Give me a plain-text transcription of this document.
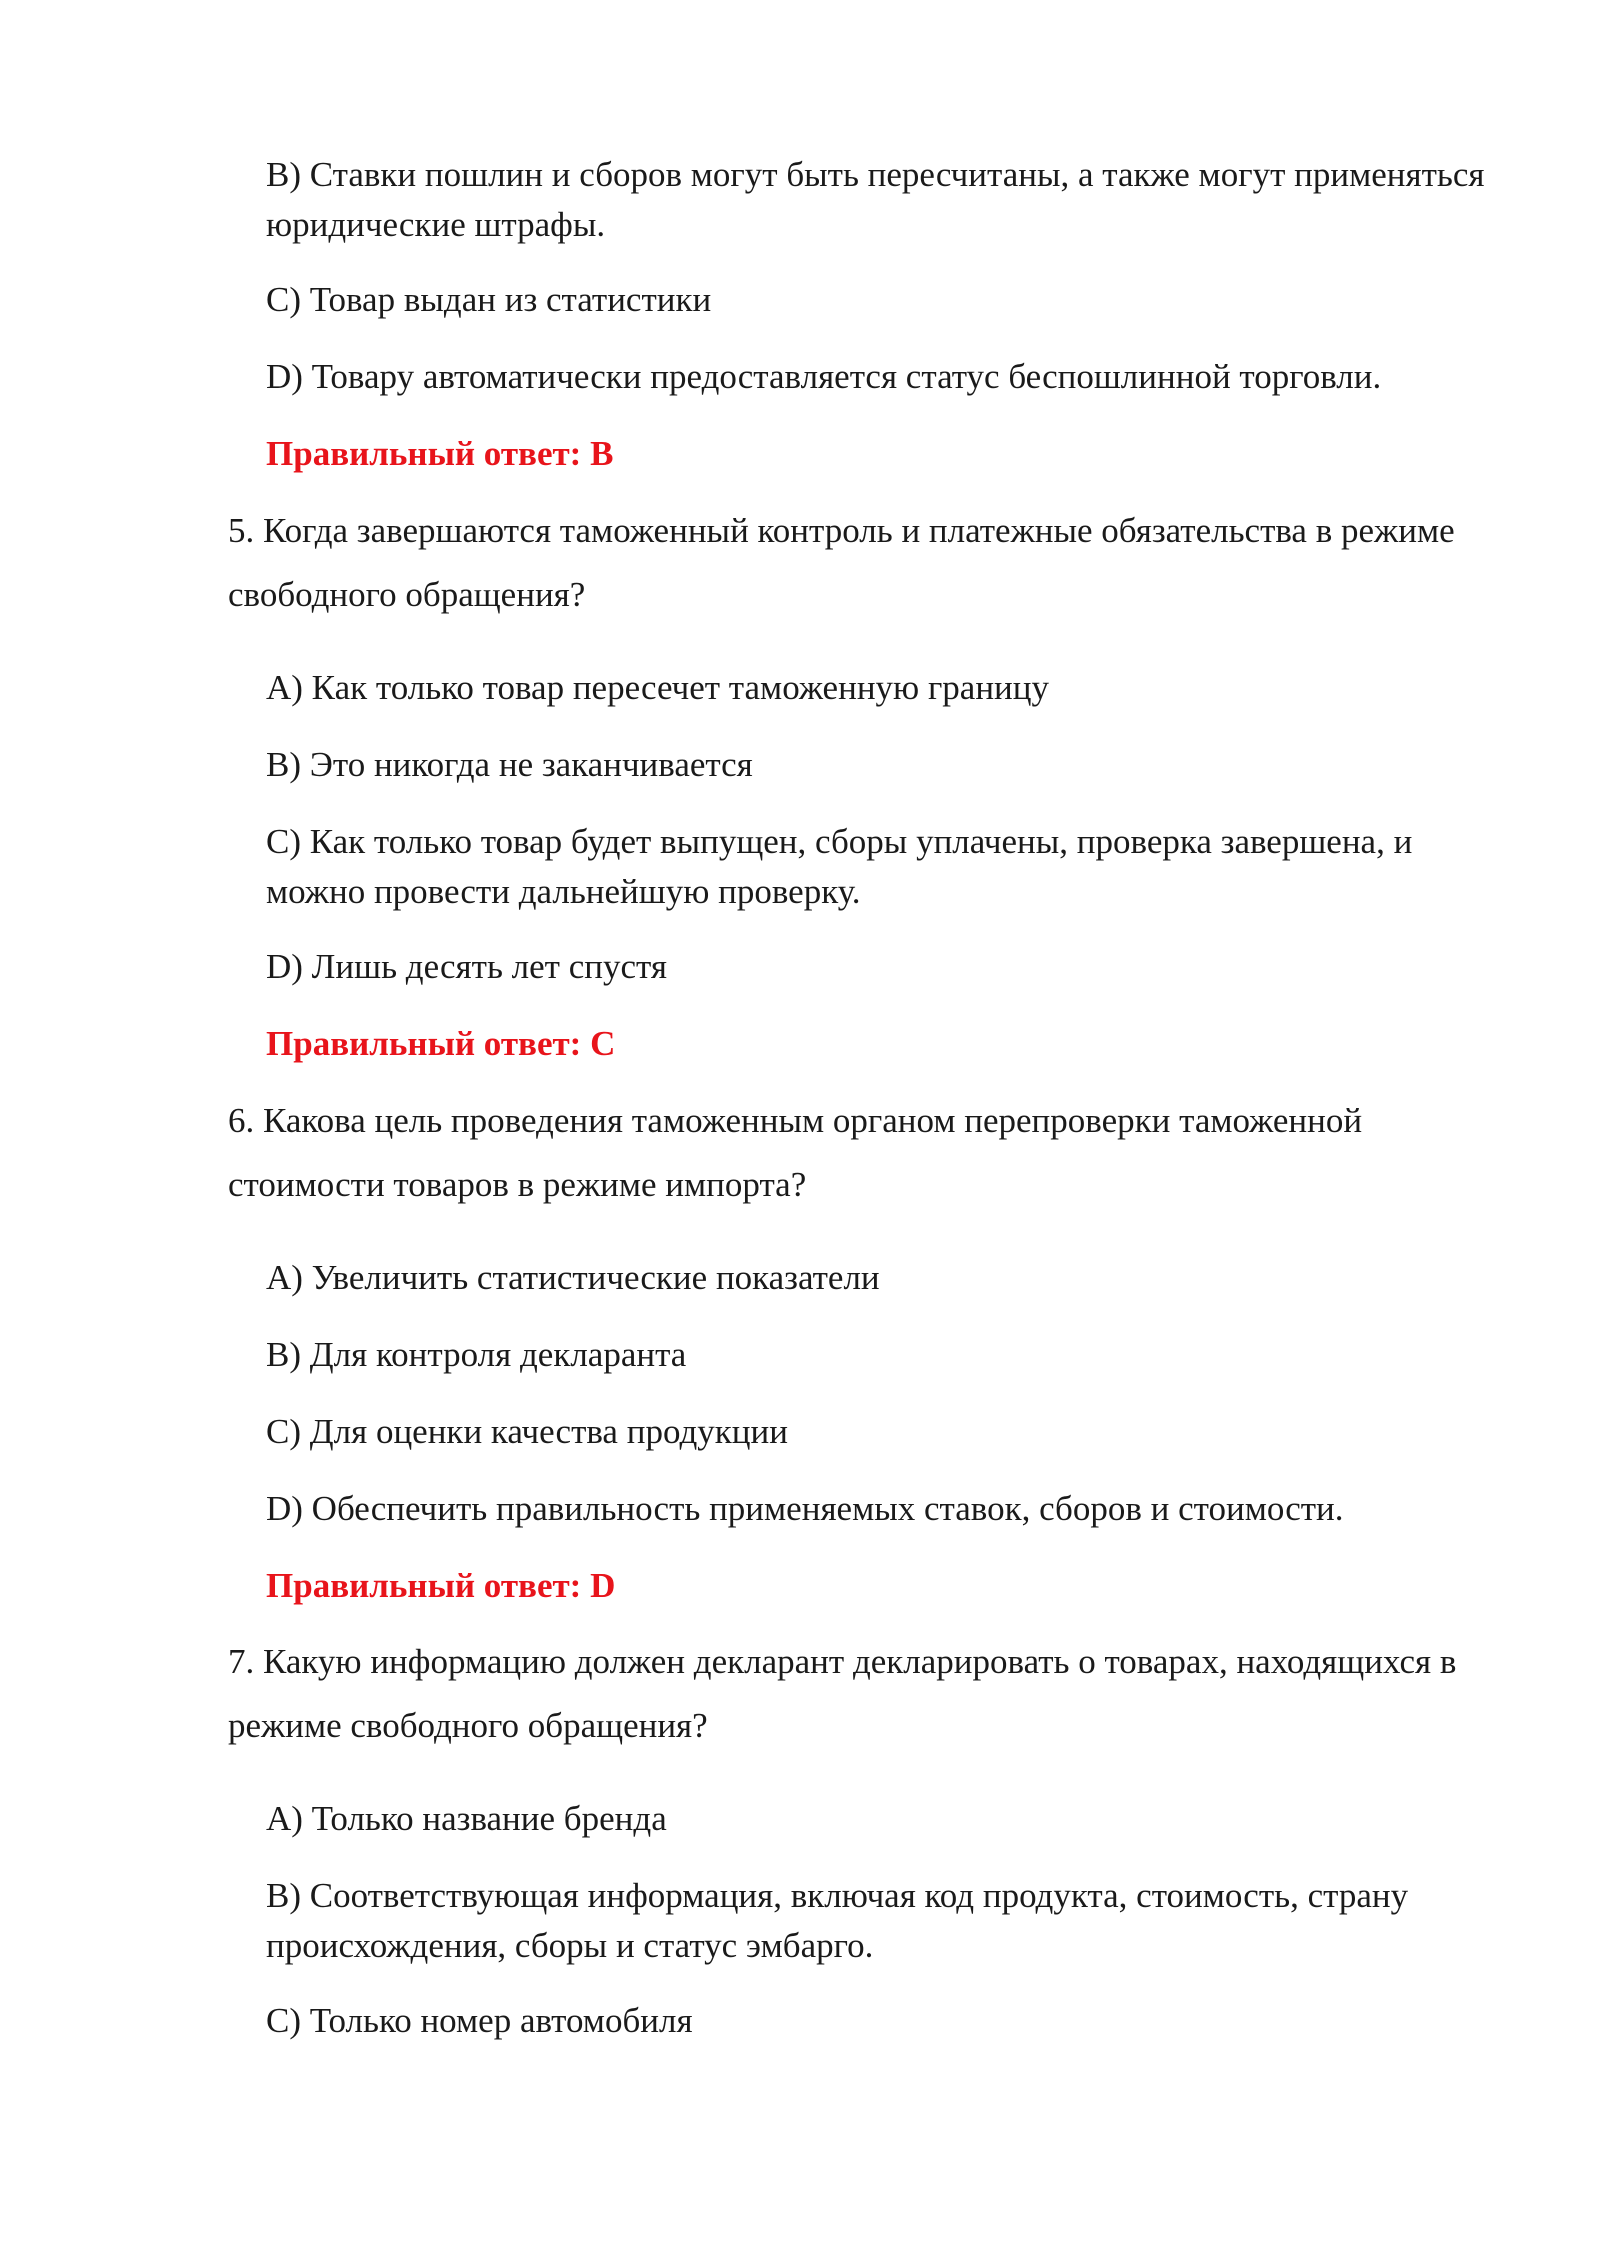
B) Ставки пошлин и сборов могут быть пересчитаны, а также могут применяться юридические штрафы.
C) Товар выдан из статистики
D) Товару автоматически предоставляется статус беспошлинной торговли.
Правильный ответ: B
5. Когда завершаются таможенный контроль и платежные обязательства в режиме свободного обращения?
A) Как только товар пересечет таможенную границу
B) Это никогда не заканчивается
C) Как только товар будет выпущен, сборы уплачены, проверка завершена, и можно провести дальнейшую проверку.
D) Лишь десять лет спустя
Правильный ответ: C
6. Какова цель проведения таможенным органом перепроверки таможенной стоимости товаров в режиме импорта?
A) Увеличить статистические показатели
B) Для контроля декларанта
C) Для оценки качества продукции
D) Обеспечить правильность применяемых ставок, сборов и стоимости.
Правильный ответ: D
7. Какую информацию должен декларант декларировать о товарах, находящихся в режиме свободного обращения?
A) Только название бренда
B) Соответствующая информация, включая код продукта, стоимость, страну происхождения, сборы и статус эмбарго.
C) Только номер автомобиля
